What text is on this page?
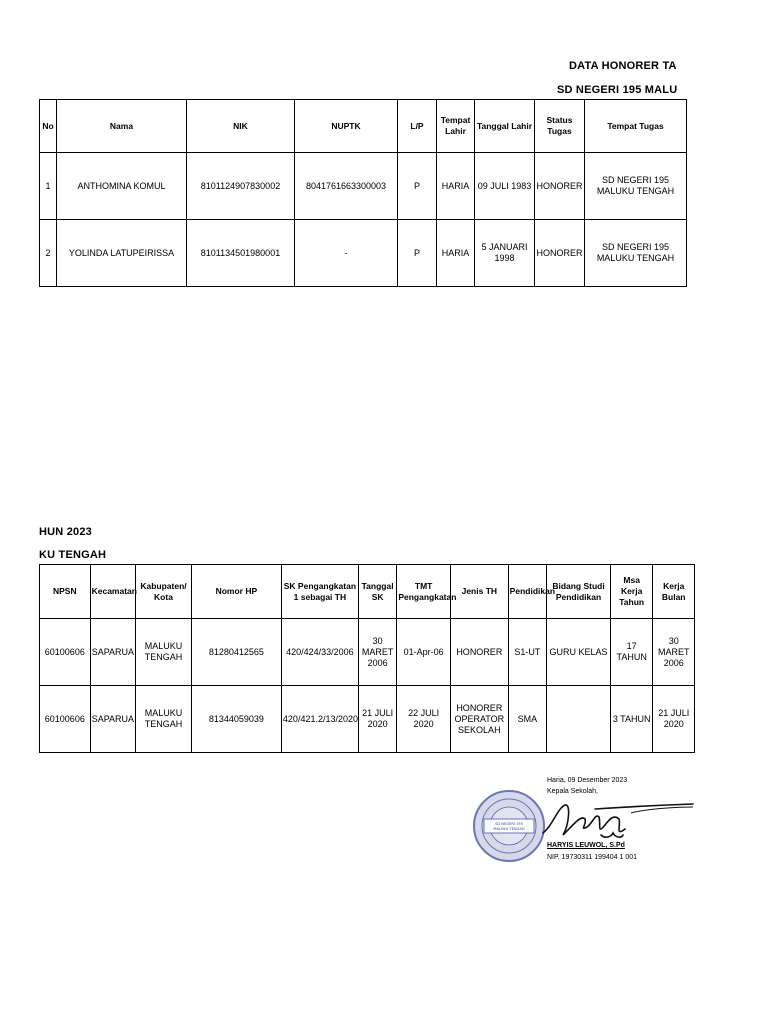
DATA HONORER TA
SD NEGERI 195 MALU
No	Nama	NIK	NUPTK	L/P	Tempat Lahir	Tanggal Lahir	Status Tugas	Tempat Tugas
1	ANTHOMINA KOMUL	8101124907830002	8041761663300003	P	HARIA	09 JULI 1983	HONORER	SD NEGERI 195 MALUKU TENGAH
2	YOLINDA LATUPEIRISSA	8101134501980001	-	P	HARIA	5 JANUARI 1998	HONORER	SD NEGERI 195 MALUKU TENGAH
HUN 2023
KU TENGAH
NPSN	Kecamatan	Kabupaten/ Kota	Nomor HP	SK Pengangkatan 1 sebagai TH	Tanggal SK	TMT Pengangkatan	Jenis TH	Pendidikan	Bidang Studi Pendidikan	Msa Kerja Tahun	Kerja Bulan
60100606	SAPARUA	MALUKU TENGAH	81280412565	420/424/33/2006	30 MARET 2006	01-Apr-06	HONORER	S1-UT	GURU KELAS	17 TAHUN	30 MARET 2006
60100606	SAPARUA	MALUKU TENGAH	81344059039	420/421.2/13/2020	21 JULI 2020	22 JULI 2020	HONORER OPERATOR SEKOLAH	SMA		3 TAHUN	21 JULI 2020
Haria, 09 Desember 2023
Kepala Sekolah,
SD NEGERI 195
MALUKU TENGAH
HARYIS LEUWOL, S.Pd
NIP. 19730311 199404 1 001
